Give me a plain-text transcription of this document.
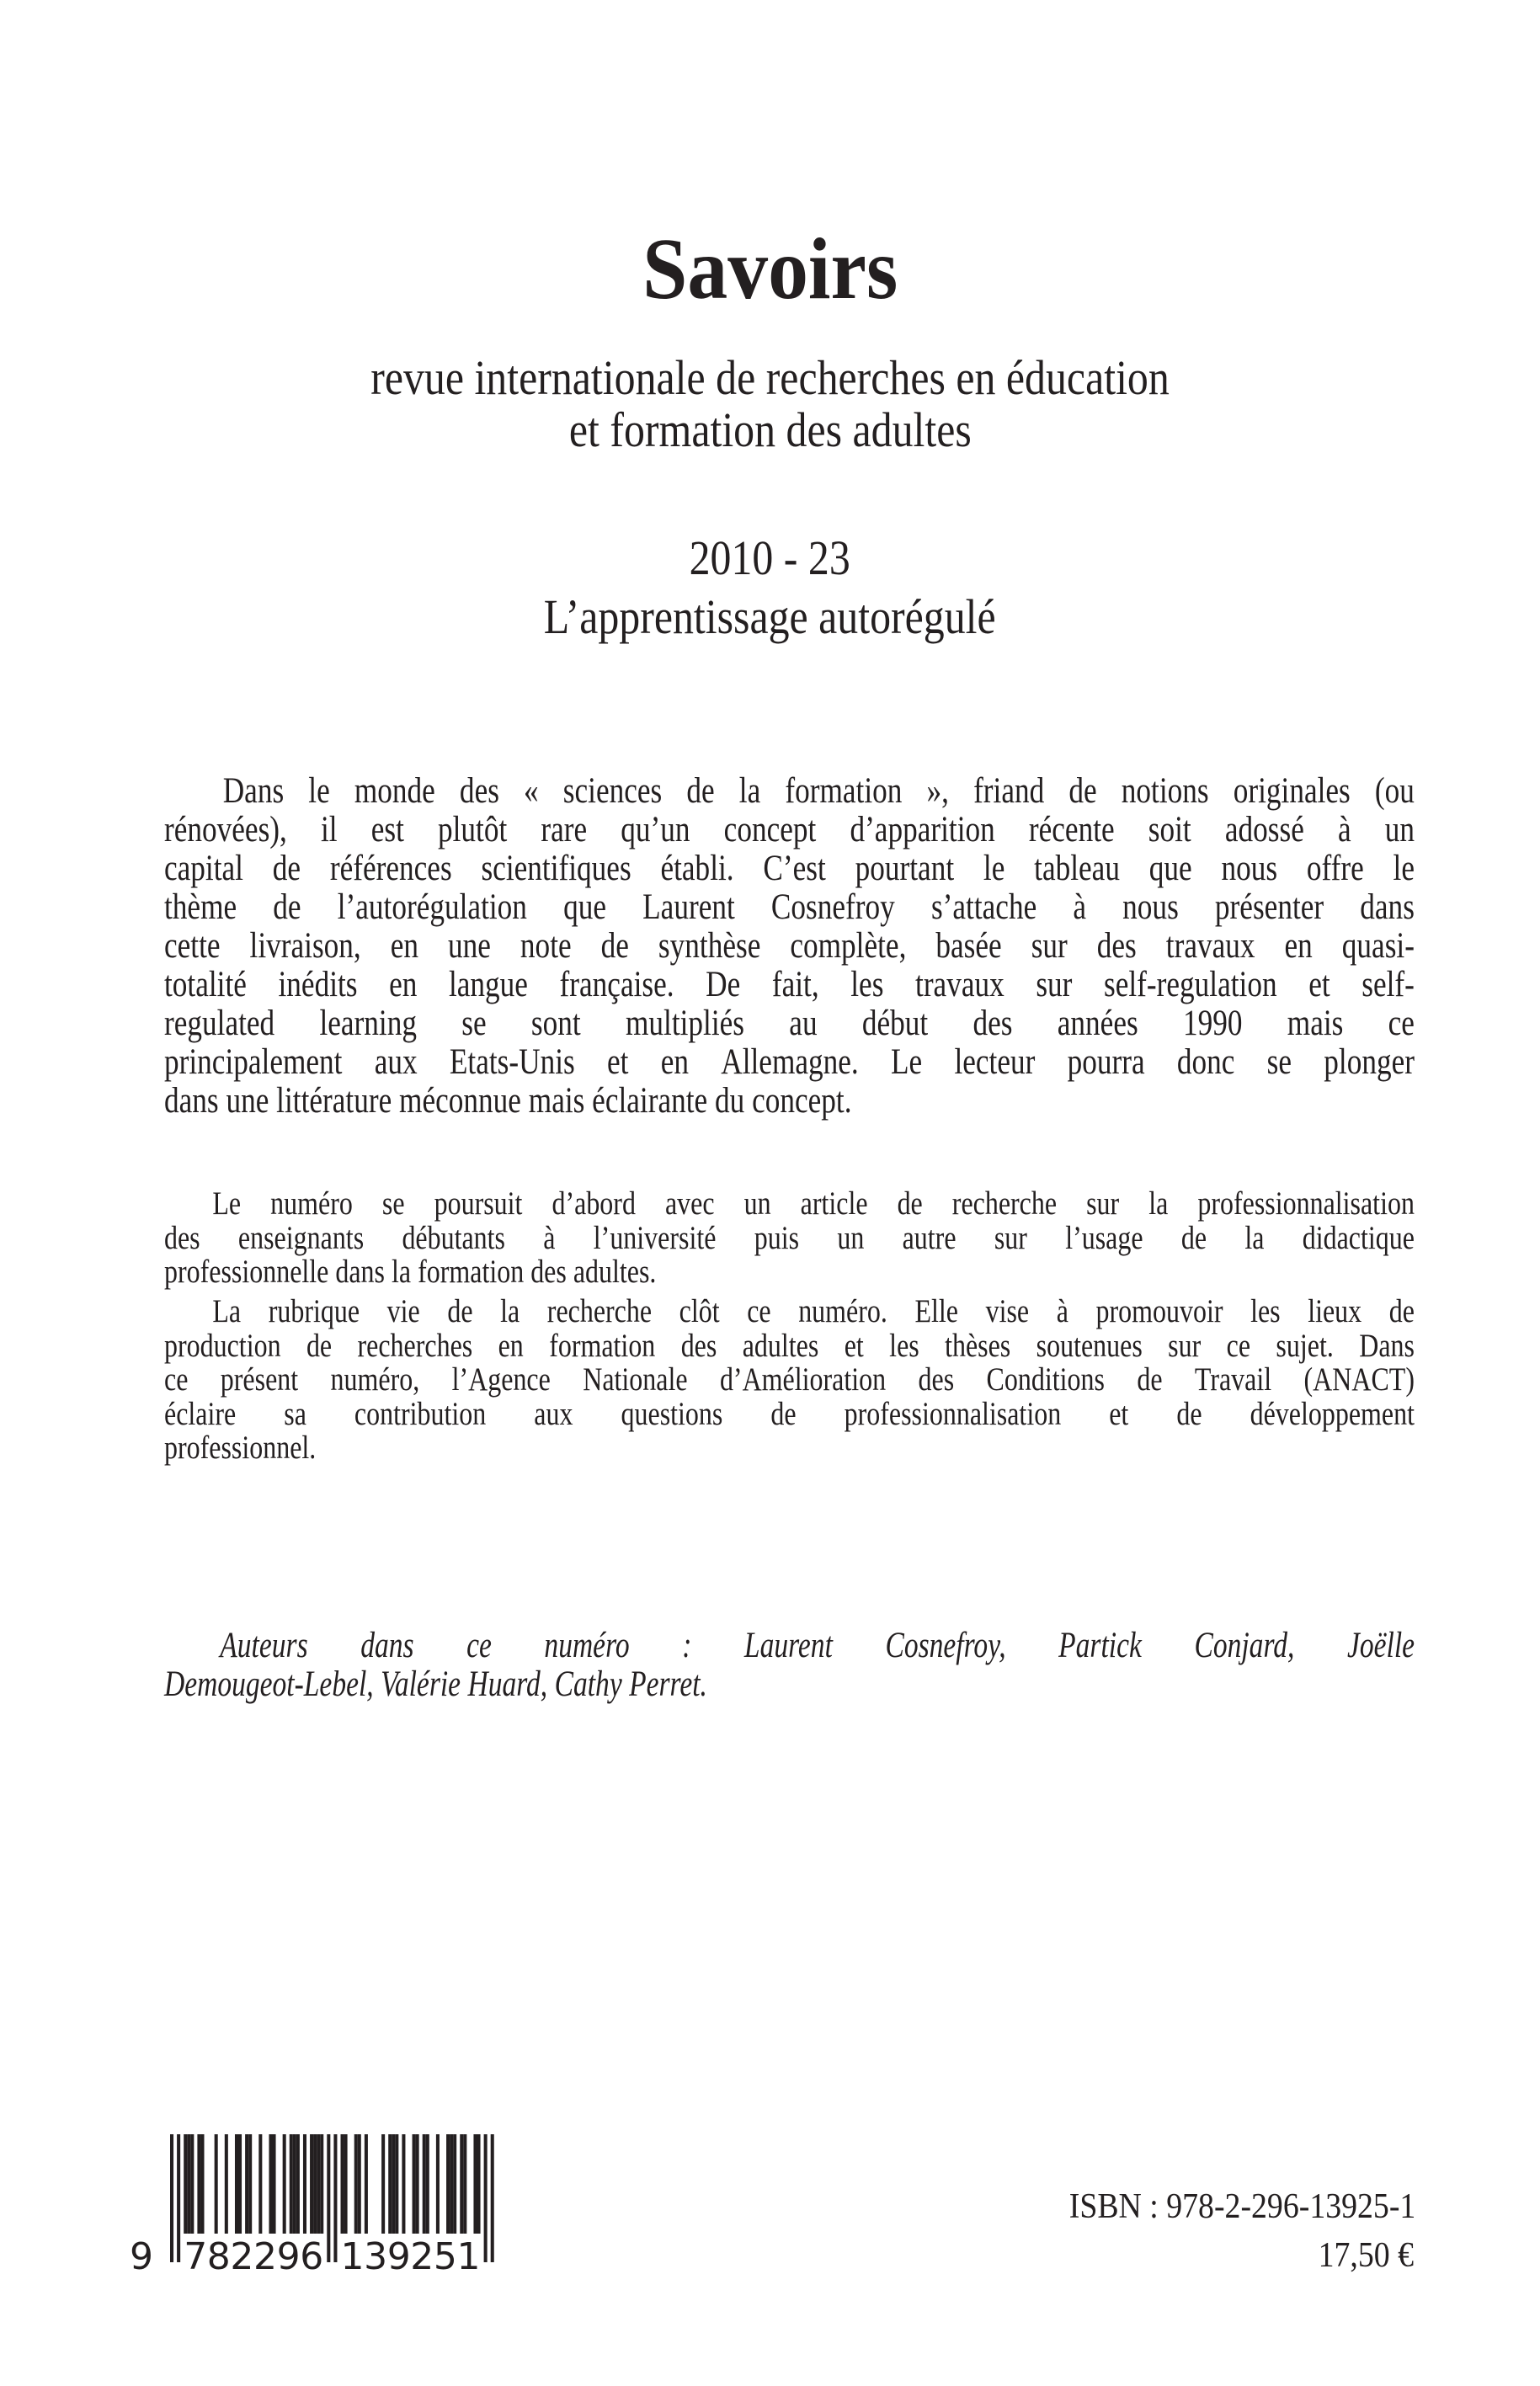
Savoirs
revue internationale de recherches en éducation
et formation des adultes
2010 - 23
L’apprentissage autorégulé
Dans le monde des « sciences de la formation », friand de notions originales (ou
rénovées), il est plutôt rare qu’un concept d’apparition récente soit adossé à un
capital de références scientifiques établi. C’est pourtant le tableau que nous offre le
thème de l’autorégulation que Laurent Cosnefroy s’attache à nous présenter dans
cette livraison, en une note de synthèse complète, basée sur des travaux en quasi-
totalité inédits en langue française. De fait, les travaux sur self-regulation et self-
regulated learning se sont multipliés au début des années 1990 mais ce
principalement aux Etats-Unis et en Allemagne. Le lecteur pourra donc se plonger
dans une littérature méconnue mais éclairante du concept.
Le numéro se poursuit d’abord avec un article de recherche sur la professionnalisation
des enseignants débutants à l’université puis un autre sur l’usage de la didactique
professionnelle dans la formation des adultes.
La rubrique vie de la recherche clôt ce numéro. Elle vise à promouvoir les lieux de
production de recherches en formation des adultes et les thèses soutenues sur ce sujet. Dans
ce présent numéro, l’Agence Nationale d’Amélioration des Conditions de Travail (ANACT)
éclaire sa contribution aux questions de professionnalisation et de développement
professionnel.
Auteurs dans ce numéro : Laurent Cosnefroy, Partick Conjard, Joëlle
Demougeot-Lebel, Valérie Huard, Cathy Perret.
9 782296 139251
ISBN : 978-2-296-13925-1
17,50 €
